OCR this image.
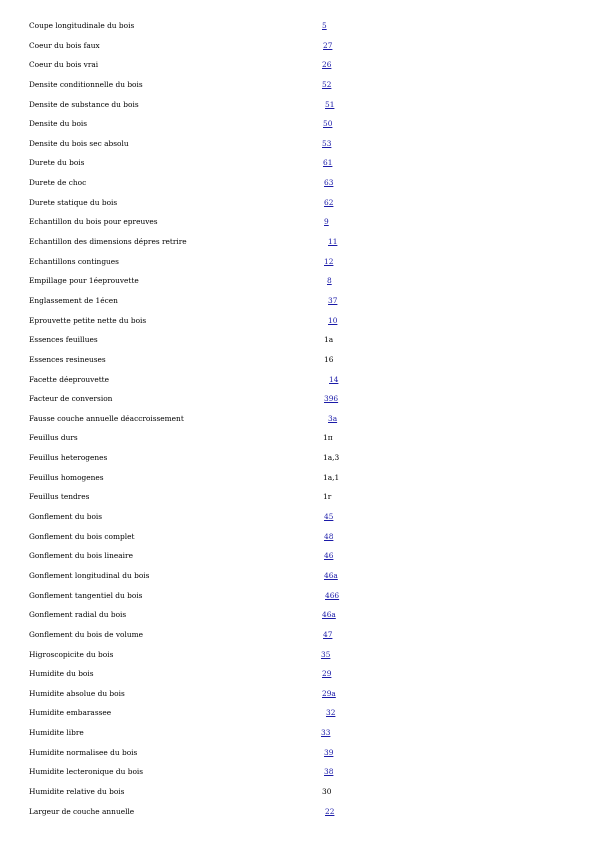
Coupe longitudinale du bois	5
Coeur du bois faux	27
Coeur du bois vrai	26
Densite conditionnelle du bois	52
Densite de substance du bois	51
Densite du bois	50
Densite du bois sec absolu	53
Durete du bois	61
Durete de choc	63
Durete statique du bois	62
Echantillon du bois pour epreuves	9
Echantillon des dimensions dépres retrire	11
Echantillons contingues	12
Empillage pour 1éeprouvette	8
Englassement de 1écen	37
Eprouvette petite nette du bois	10
Essences feuillues	1a
Essences resineuses	16
Facette déeprouvette	14
Facteur de conversion	396
Fausse couche annuelle déaccroissement	3a
Feuillus durs	1π
Feuillus heterogenes	1a,3
Feuillus homogenes	1a,1
Feuillus tendres	1r
Gonflement du bois	45
Gonflement du bois complet	48
Gonflement du bois lineaire	46
Gonflement longitudinal du bois	46a
Gonflement tangentiel du bois	466
Gonflement radial du bois	46a
Gonflement du bois de volume	47
Higroscopicite du bois	35
Humidite du bois	29
Humidite absolue du bois	29a
Humidite embarassee	32
Humidite libre	33
Humidite normalisee du bois	39
Humidite lecteronique du bois	38
Humidite relative du bois	30
Largeur de couche annuelle	22
